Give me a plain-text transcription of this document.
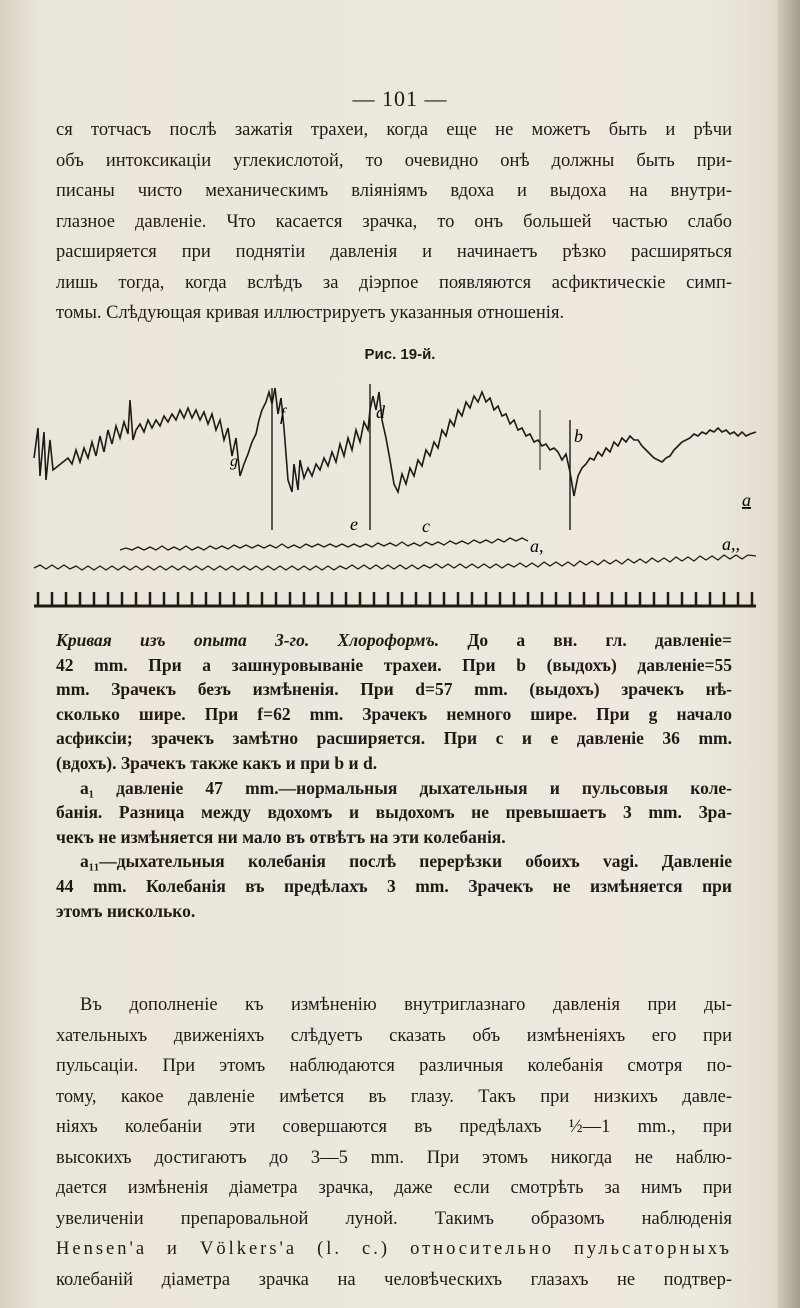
— 101 —
ся тотчасъ послѣ зажатія трахеи, когда еще не можетъ быть и рѣчи
объ интоксикаціи углекислотой, то очевидно онѣ должны быть при-
писаны чисто механическимъ вліяніямъ вдоха и выдоха на внутри-
глазное давленіе. Что касается зрачка, то онъ большей частью слабо
расширяется при поднятіи давленія и начинаетъ рѣзко расширяться
лишь тогда, когда вслѣдъ за діэрпое появляются асфиктическіе симп-
томы. Слѣдующая кривая иллюстрируетъ указанныя отношенія.
Рис. 19-й.
f	d
b
g
e	c
a
a,	a,,
Кривая изъ опыта 3-го. Хлороформъ. До a вн. гл. давленіе=
42 mm. При a зашнуровываніе трахеи. При b (выдохъ) давленіе=55
mm. Зрачекъ безъ измѣненія. При d=57 mm. (выдохъ) зрачекъ нѣ-
сколько шире. При f=62 mm. Зрачекъ немного шире. При g начало
асфиксіи; зрачекъ замѣтно расширяется. При c и e давленіе 36 mm.
(вдохъ). Зрачекъ также какъ и при b и d.
a₁ давленіе 47 mm.—нормальныя дыхательныя и пульсовыя коле-
банія. Разница между вдохомъ и выдохомъ не превышаетъ 3 mm. Зра-
чекъ не измѣняется ни мало въ отвѣтъ на эти колебанія.
a₁₁—дыхательныя колебанія послѣ перерѣзки обоихъ vagi. Давленіе
44 mm. Колебанія въ предѣлахъ 3 mm. Зрачекъ не измѣняется при
этомъ нисколько.
Въ дополненіе къ измѣненію внутриглазнаго давленія при ды-
хательныхъ движеніяхъ слѣдуетъ сказать объ измѣненіяхъ его при
пульсаціи. При этомъ наблюдаются различныя колебанія смотря по-
тому, какое давленіе имѣется въ глазу. Такъ при низкихъ давле-
ніяхъ колебаніи эти совершаются въ предѣлахъ ½—1 mm., при
высокихъ достигаютъ до 3—5 mm. При этомъ никогда не наблю-
дается измѣненія діаметра зрачка, даже если смотрѣть за нимъ при
увеличеніи препаровальной луной. Такимъ образомъ наблюденія
Hensen'а и Völkers'а (l. c.) относительно пульсаторныхъ
колебаній діаметра зрачка на человѣческихъ глазахъ не подтвер-
